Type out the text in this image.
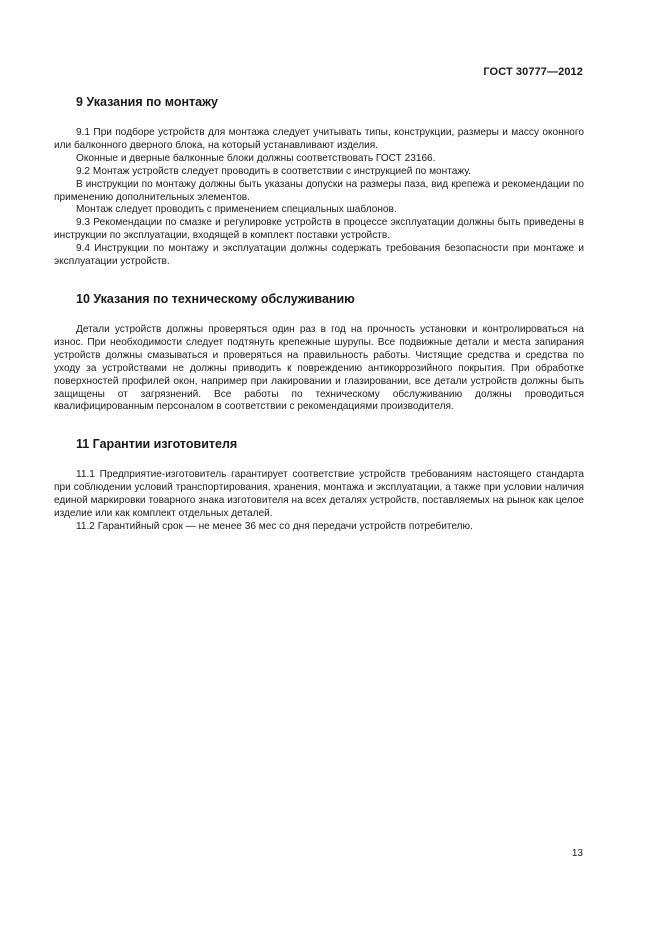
ГОСТ 30777—2012
9 Указания по монтажу

9.1 При подборе устройств для монтажа следует учитывать типы, конструкции, размеры и массу оконного или балконного дверного блока, на который устанавливают изделия.

Оконные и дверные балконные блоки должны соответствовать ГОСТ 23166.

9.2 Монтаж устройств следует проводить в соответствии с инструкцией по монтажу.

В инструкции по монтажу должны быть указаны допуски на размеры паза, вид крепежа и рекомендации по применению дополнительных элементов.

Монтаж следует проводить с применением специальных шаблонов.

9.3 Рекомендации по смазке и регулировке устройств в процессе эксплуатации должны быть приведены в инструкции по эксплуатации, входящей в комплект поставки устройств.

9.4 Инструкции по монтажу и эксплуатации должны содержать требования безопасности при монтаже и эксплуатации устройств.

10 Указания по техническому обслуживанию

Детали устройств должны проверяться один раз в год на прочность установки и контролироваться на износ. При необходимости следует подтянуть крепежные шурупы. Все подвижные детали и места запирания устройств должны смазываться и проверяться на правильность работы. Чистящие средства и средства по уходу за устройствами не должны приводить к повреждению антикоррозийного покрытия. При обработке поверхностей профилей окон, например при лакировании и глазировании, все детали устройств должны быть защищены от загрязнений. Все работы по техническому обслуживанию должны проводиться квалифицированным персоналом в соответствии с рекомендациями производителя.

11 Гарантии изготовителя

11.1 Предприятие-изготовитель гарантирует соответствие устройств требованиям настоящего стандарта при соблюдении условий транспортирования, хранения, монтажа и эксплуатации, а также при условии наличия единой маркировки товарного знака изготовителя на всех деталях устройств, поставляемых на рынок как целое изделие или как комплект отдельных деталей.

11.2 Гарантийный срок — не менее 36 мес со дня передачи устройств потребителю.

13
